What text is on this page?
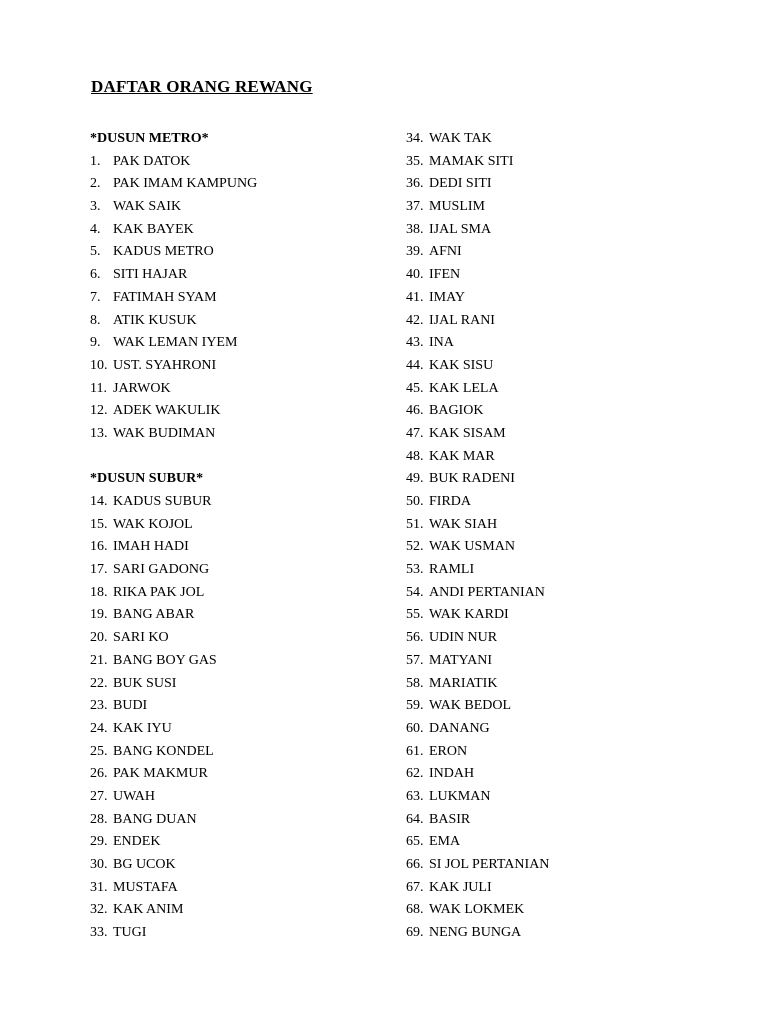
DAFTAR ORANG REWANG
*DUSUN METRO*
1. PAK DATOK
2. PAK IMAM KAMPUNG
3. WAK SAIK
4. KAK BAYEK
5. KADUS METRO
6. SITI HAJAR
7. FATIMAH SYAM
8. ATIK KUSUK
9. WAK LEMAN IYEM
10. UST. SYAHRONI
11. JARWOK
12. ADEK WAKULIK
13. WAK BUDIMAN
*DUSUN SUBUR*
14. KADUS SUBUR
15. WAK KOJOL
16. IMAH HADI
17. SARI GADONG
18. RIKA PAK JOL
19. BANG ABAR
20. SARI KO
21. BANG BOY GAS
22. BUK SUSI
23. BUDI
24. KAK IYU
25. BANG KONDEL
26. PAK MAKMUR
27. UWAH
28. BANG DUAN
29. ENDEK
30. BG UCOK
31. MUSTAFA
32. KAK ANIM
33. TUGI
34. WAK TAK
35. MAMAK SITI
36. DEDI SITI
37. MUSLIM
38. IJAL SMA
39. AFNI
40. IFEN
41. IMAY
42. IJAL RANI
43. INA
44. KAK SISU
45. KAK LELA
46. BAGIOK
47. KAK SISAM
48. KAK MAR
49. BUK RADENI
50. FIRDA
51. WAK SIAH
52. WAK USMAN
53. RAMLI
54. ANDI PERTANIAN
55. WAK KARDI
56. UDIN NUR
57. MATYANI
58. MARIATIK
59. WAK BEDOL
60. DANANG
61. ERON
62. INDAH
63. LUKMAN
64. BASIR
65. EMA
66. SI JOL PERTANIAN
67. KAK JULI
68. WAK LOKMEK
69. NENG BUNGA
